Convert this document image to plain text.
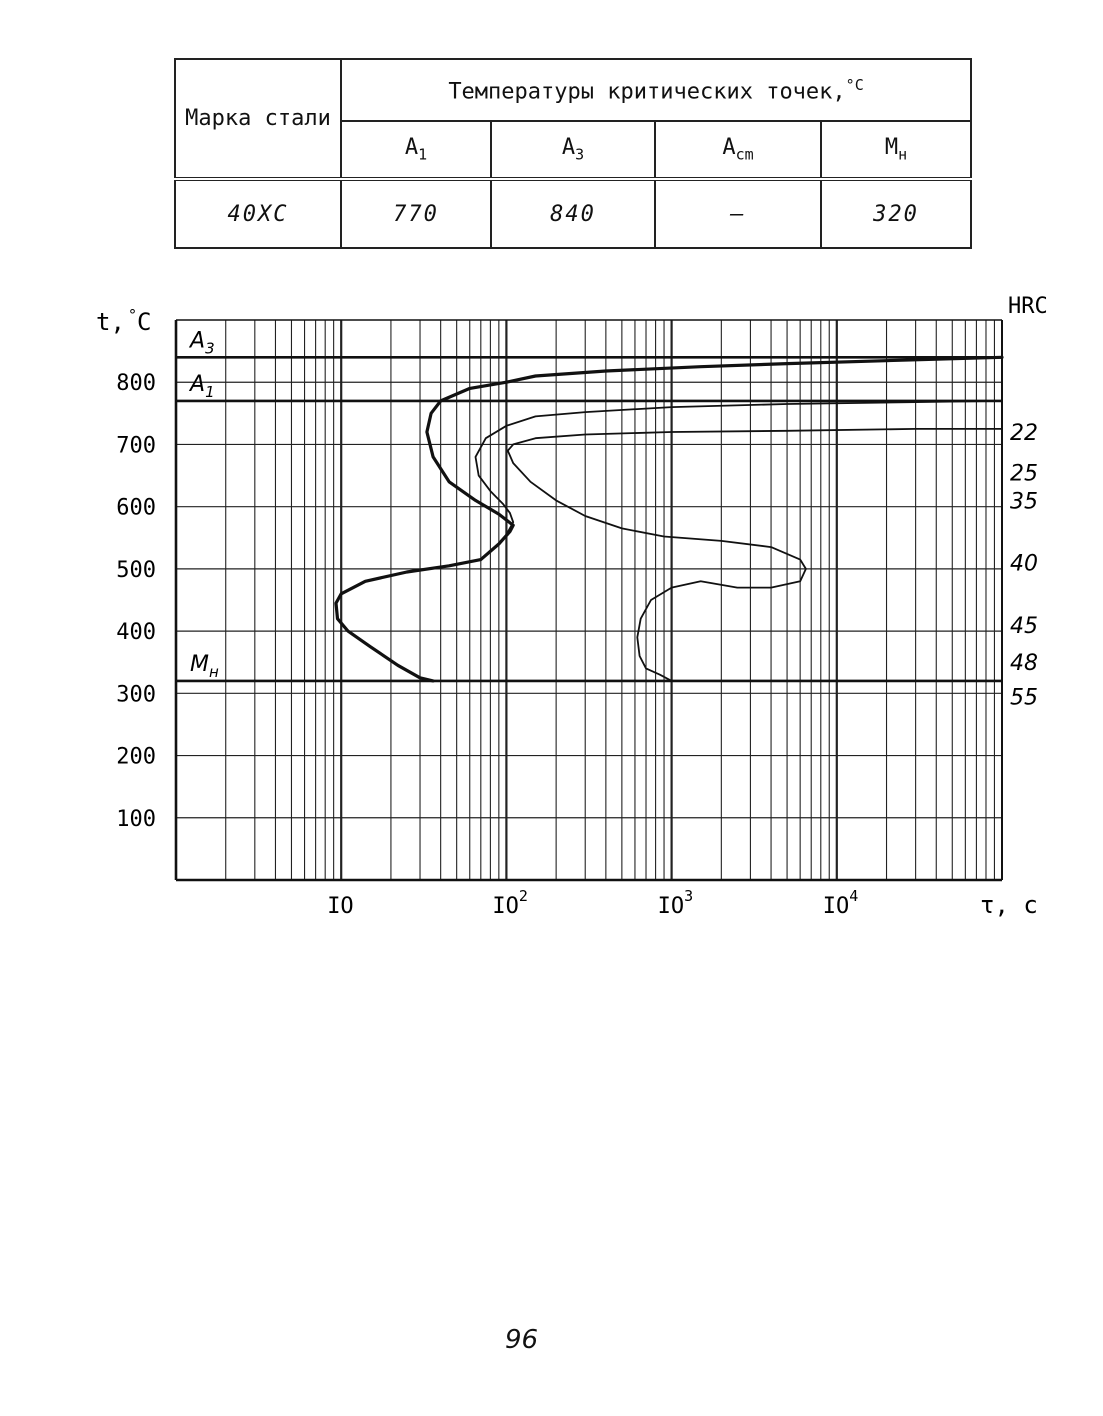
Марка стали	Температуры критических точек,$^{^\circ C}$
	$A_1$	$A_3$	$A_{cm}$	$M_н$
40ХС	770	840	—	320
100
200
300
400
500
600
700
800
t, °C
IO	$IO^2$	$IO^3$	$IO^4$	τ, с
HRC
$A_3$
$A_1$
$M_н$
22
25
35
40
45
48
55
96
